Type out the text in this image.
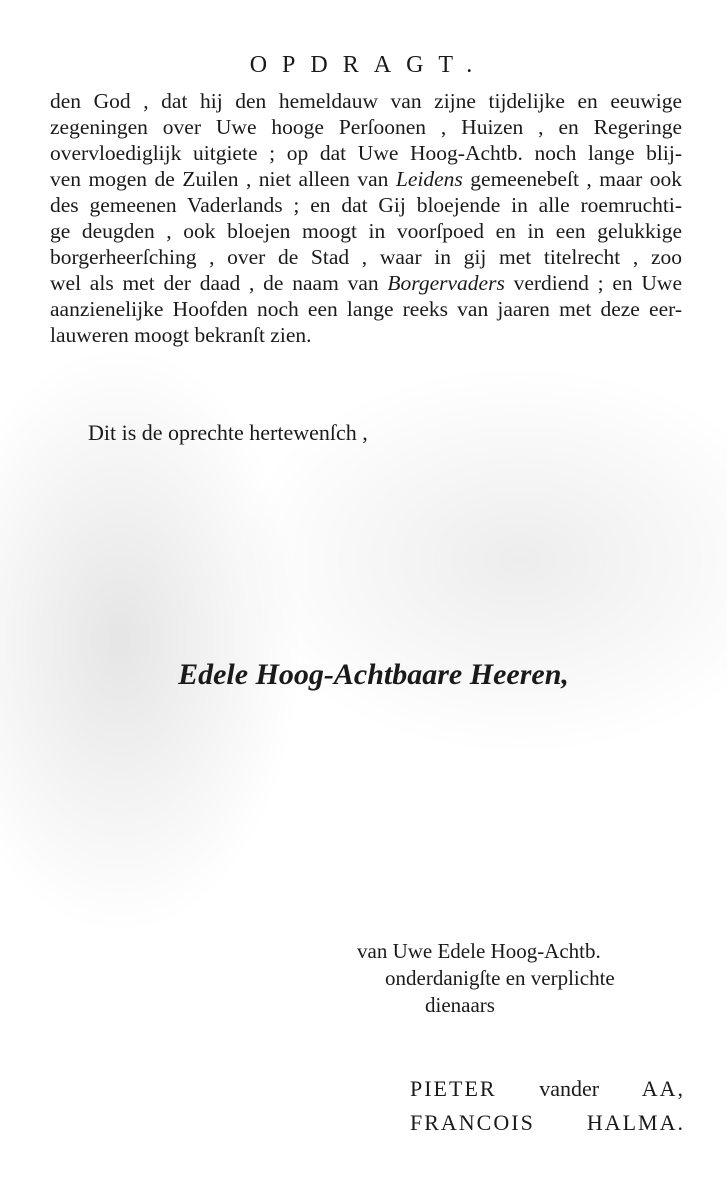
OPDRAGT.
den God , dat hij den hemeldauw van zijne tijdelijke en eeuwige
zegeningen over Uwe hooge Perſoonen , Huizen , en Regeringe
overvloediglijk uitgiete ; op dat Uwe Hoog-Achtb. noch lange blij-
ven mogen de Zuilen , niet alleen van Leidens gemeenebeſt , maar ook
des gemeenen Vaderlands ; en dat Gij bloejende in alle roemruchti-
ge deugden , ook bloejen moogt in voorſpoed en in een gelukkige
borgerheerſching , over de Stad , waar in gij met titelrecht , zoo
wel als met der daad , de naam van Borgervaders verdiend ; en Uwe
aanzienelijke Hoofden noch een lange reeks van jaaren met deze eer-
lauweren moogt bekranſt zien.
Dit is de oprechte hertewenſch ,
Edele Hoog-Achtbaare Heeren,
van Uwe Edele Hoog-Achtb.
onderdanigſte en verplichte
dienaars
PIETER vander AA,
FRANCOIS HALMA.
